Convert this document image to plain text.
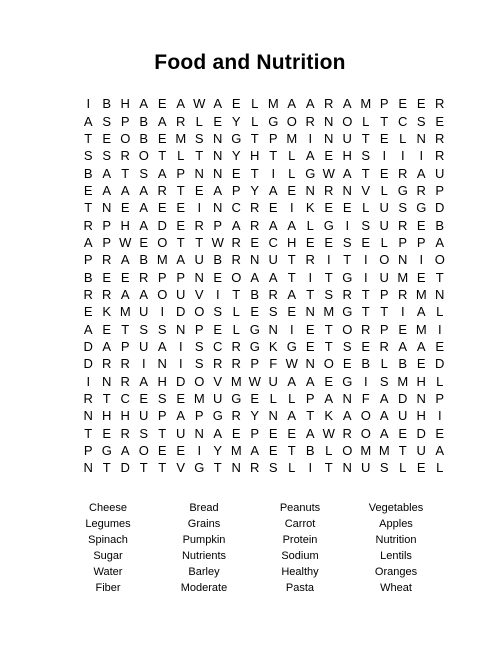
Food and Nutrition
I B H A E A W A E L M A A R A M P E E R
A S P B A R L E Y L G O R N O L T C S E
T E O B E M S N G T P M I N U T E L N R
S S R O T L T N Y H T L A E H S I	I	I R
B A T S A P N N E T I	L G W A T E R A U
E A A A R T E A P Y A E N R N V L G R P
T N E A E E I N C R E I K E E L U S G D
R P H A D E R P A R A A L G I S U R E B
A P W E O T T W R E C H E E S E L P P A
P R A B M A U B R N U T R I T I O N I O
B E E R P P N E O A A T I T G I U M E T
R R A A O U V I T B R A T S R T P R M N
E K M U I D O S L E S E N M G T T I A L
A E T S S N P E L G N I E T O R P E M I
D A P U A I S C R G K G E T S E R A A E
D R R I N I S R R P F W N O E B L B E D
I N R A H D O V M W U A A E G I S M H L
R T C E S E M U G E L L P A N F A D N P
N H H U P A P G R Y N A T K A O A U H I
T E R S T U N A E P E E A W R O A E D E
P G A O E E I Y M A E T B L O M M T U A
N T D T T V G T N R S L	I T N U S L E L
Cheese	Bread	Peanuts	Vegetables
Legumes	Grains	Carrot	Apples
Spinach	Pumpkin	Protein	Nutrition
Sugar	Nutrients	Sodium	Lentils
Water	Barley	Healthy	Oranges
Fiber	Moderate	Pasta	Wheat
